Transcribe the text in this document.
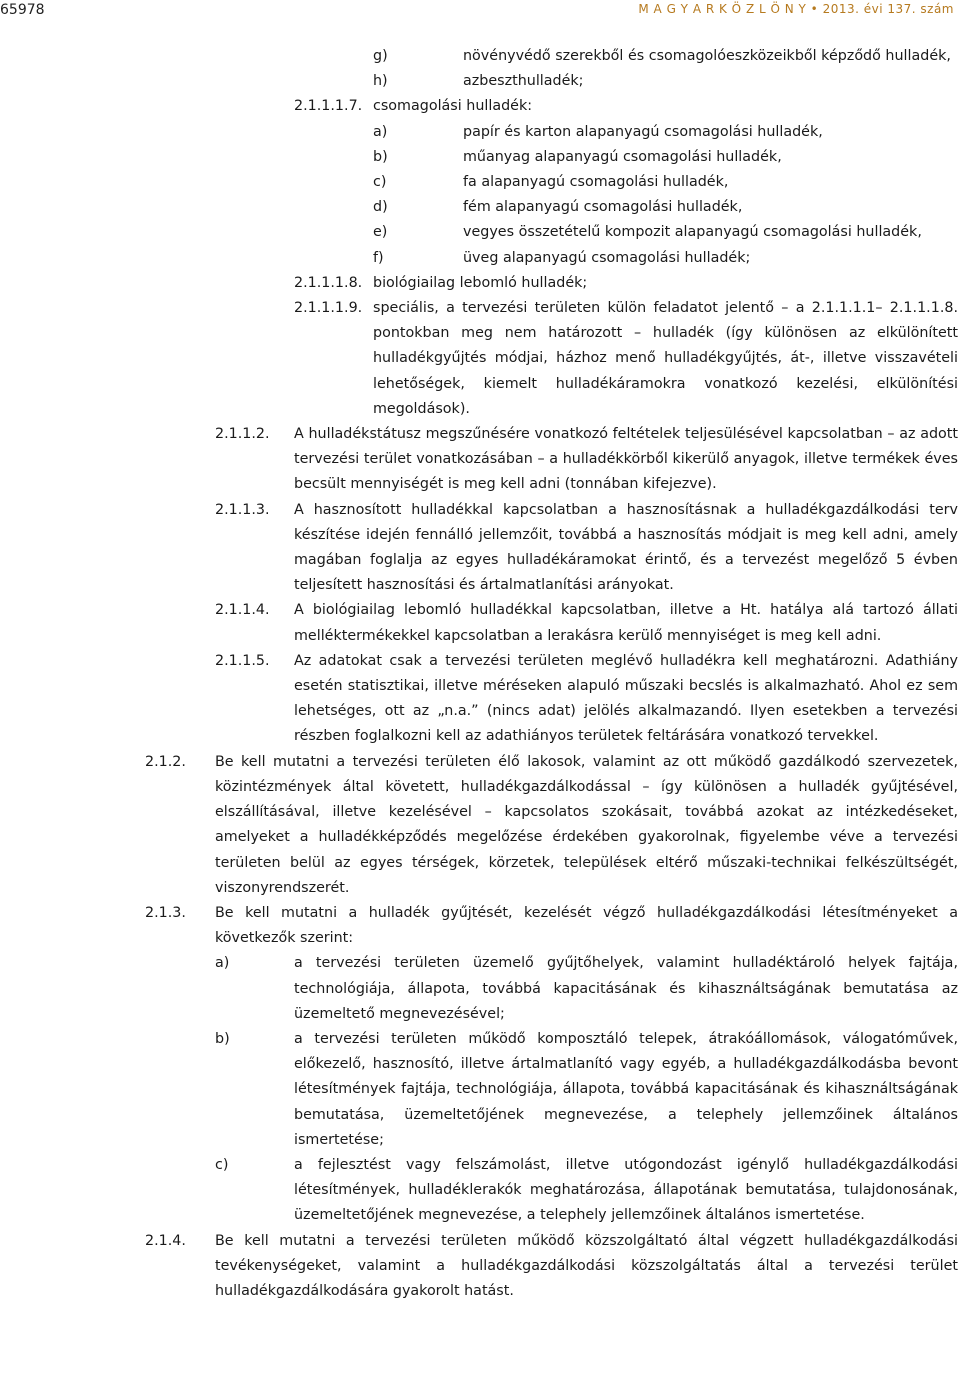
65978	M A G Y A R K Ö Z L Ö N Y • 2013. évi 137. szám
g)	növényvédő szerekből és csomagolóeszközeikből képződő hulladék,
h)	azbeszthulladék;
2.1.1.1.7. csomagolási hulladék:
a)	papír és karton alapanyagú csomagolási hulladék,
b)	műanyag alapanyagú csomagolási hulladék,
c)	fa alapanyagú csomagolási hulladék,
d)	fém alapanyagú csomagolási hulladék,
e)	vegyes összetételű kompozit alapanyagú csomagolási hulladék,
f)	üveg alapanyagú csomagolási hulladék;
2.1.1.1.8. biológiailag lebomló hulladék;
2.1.1.1.9. speciális, a tervezési területen külön feladatot jelentő – a 2.1.1.1.1– 2.1.1.1.8. pontokban meg nem határozott – hulladék (így különösen az elkülönített hulladékgyűjtés módjai, házhoz menő hulladékgyűjtés, át-, illetve visszavételi lehetőségek, kiemelt hulladékáramokra vonatkozó kezelési, elkülönítési megoldások).
2.1.1.2. A hulladékstátusz megszűnésére vonatkozó feltételek teljesülésével kapcsolatban – az adott tervezési terület vonatkozásában – a hulladékkörből kikerülő anyagok, illetve termékek éves becsült mennyiségét is meg kell adni (tonnában kifejezve).
2.1.1.3. A hasznosított hulladékkal kapcsolatban a hasznosításnak a hulladékgazdálkodási terv készítése idején fennálló jellemzőit, továbbá a hasznosítás módjait is meg kell adni, amely magában foglalja az egyes hulladékáramokat érintő, és a tervezést megelőző 5 évben teljesített hasznosítási és ártalmatlanítási arányokat.
2.1.1.4. A biológiailag lebomló hulladékkal kapcsolatban, illetve a Ht. hatálya alá tartozó állati melléktermékekkel kapcsolatban a lerakásra kerülő mennyiséget is meg kell adni.
2.1.1.5. Az adatokat csak a tervezési területen meglévő hulladékra kell meghatározni. Adathiány esetén statisztikai, illetve méréseken alapuló műszaki becslés is alkalmazható. Ahol ez sem lehetséges, ott az „n.a.” (nincs adat) jelölés alkalmazandó. Ilyen esetekben a tervezési részben foglalkozni kell az adathiányos területek feltárására vonatkozó tervekkel.
2.1.2. Be kell mutatni a tervezési területen élő lakosok, valamint az ott működő gazdálkodó szervezetek, közintézmények által követett, hulladékgazdálkodással – így különösen a hulladék gyűjtésével, elszállításával, illetve kezelésével – kapcsolatos szokásait, továbbá azokat az intézkedéseket, amelyeket a hulladékképződés megelőzése érdekében gyakorolnak, figyelembe véve a tervezési területen belül az egyes térségek, körzetek, települések eltérő műszaki-technikai felkészültségét, viszonyrendszerét.
2.1.3. Be kell mutatni a hulladék gyűjtését, kezelését végző hulladékgazdálkodási létesítményeket a következők szerint:
a)	a tervezési területen üzemelő gyűjtőhelyek, valamint hulladéktároló helyek fajtája, technológiája, állapota, továbbá kapacitásának és kihasználtságának bemutatása az üzemeltető megnevezésével;
b)	a tervezési területen működő komposztáló telepek, átrakóállomások, válogatóművek, előkezelő, hasznosító, illetve ártalmatlanító vagy egyéb, a hulladékgazdálkodásba bevont létesítmények fajtája, technológiája, állapota, továbbá kapacitásának és kihasználtságának bemutatása, üzemeltetőjének megnevezése, a telephely jellemzőinek általános ismertetése;
c)	a fejlesztést vagy felszámolást, illetve utógondozást igénylő hulladékgazdálkodási létesítmények, hulladéklerakók meghatározása, állapotának bemutatása, tulajdonosának, üzemeltetőjének megnevezése, a telephely jellemzőinek általános ismertetése.
2.1.4. Be kell mutatni a tervezési területen működő közszolgáltató által végzett hulladékgazdálkodási tevékenységeket, valamint a hulladékgazdálkodási közszolgáltatás által a tervezési terület hulladékgazdálkodására gyakorolt hatást.
